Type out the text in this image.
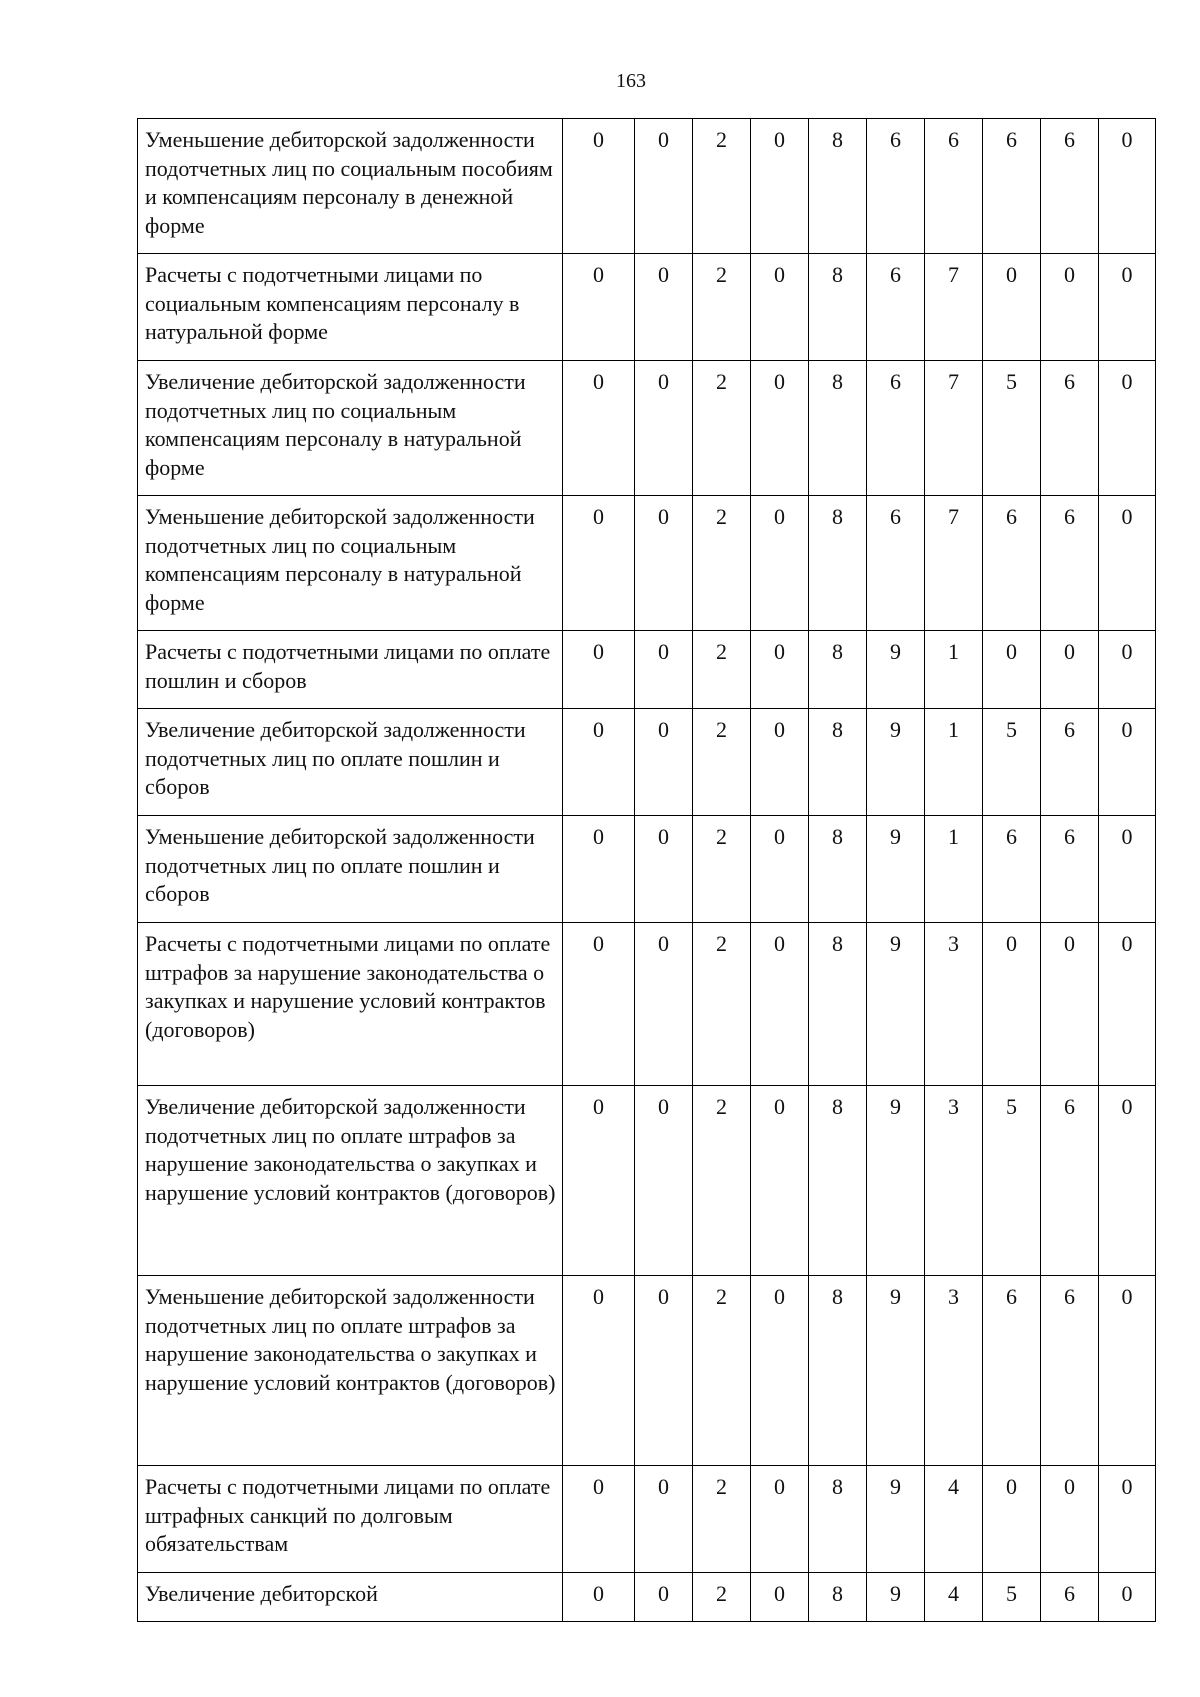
163
Уменьшение дебиторской задолженности подотчетных лиц по социальным пособиям и компенсациям персоналу в денежной форме	0	0	2	0	8	6	6	6	6	0
Расчеты с подотчетными лицами по социальным компенсациям персоналу в натуральной форме	0	0	2	0	8	6	7	0	0	0
Увеличение дебиторской задолженности подотчетных лиц по социальным компенсациям персоналу в натуральной форме	0	0	2	0	8	6	7	5	6	0
Уменьшение дебиторской задолженности подотчетных лиц по социальным компенсациям персоналу в натуральной форме	0	0	2	0	8	6	7	6	6	0
Расчеты с подотчетными лицами по оплате пошлин и сборов	0	0	2	0	8	9	1	0	0	0
Увеличение дебиторской задолженности подотчетных лиц по оплате пошлин и сборов	0	0	2	0	8	9	1	5	6	0
Уменьшение дебиторской задолженности подотчетных лиц по оплате пошлин и сборов	0	0	2	0	8	9	1	6	6	0
Расчеты с подотчетными лицами по оплате штрафов за нарушение законодательства о закупках и нарушение условий контрактов (договоров)	0	0	2	0	8	9	3	0	0	0
Увеличение дебиторской задолженности подотчетных лиц по оплате штрафов за нарушение законодательства о закупках и нарушение условий контрактов (договоров)	0	0	2	0	8	9	3	5	6	0
Уменьшение дебиторской задолженности подотчетных лиц по оплате штрафов за нарушение законодательства о закупках и нарушение условий контрактов (договоров)	0	0	2	0	8	9	3	6	6	0
Расчеты с подотчетными лицами по оплате штрафных санкций по долговым обязательствам	0	0	2	0	8	9	4	0	0	0
Увеличение дебиторской	0	0	2	0	8	9	4	5	6	0
